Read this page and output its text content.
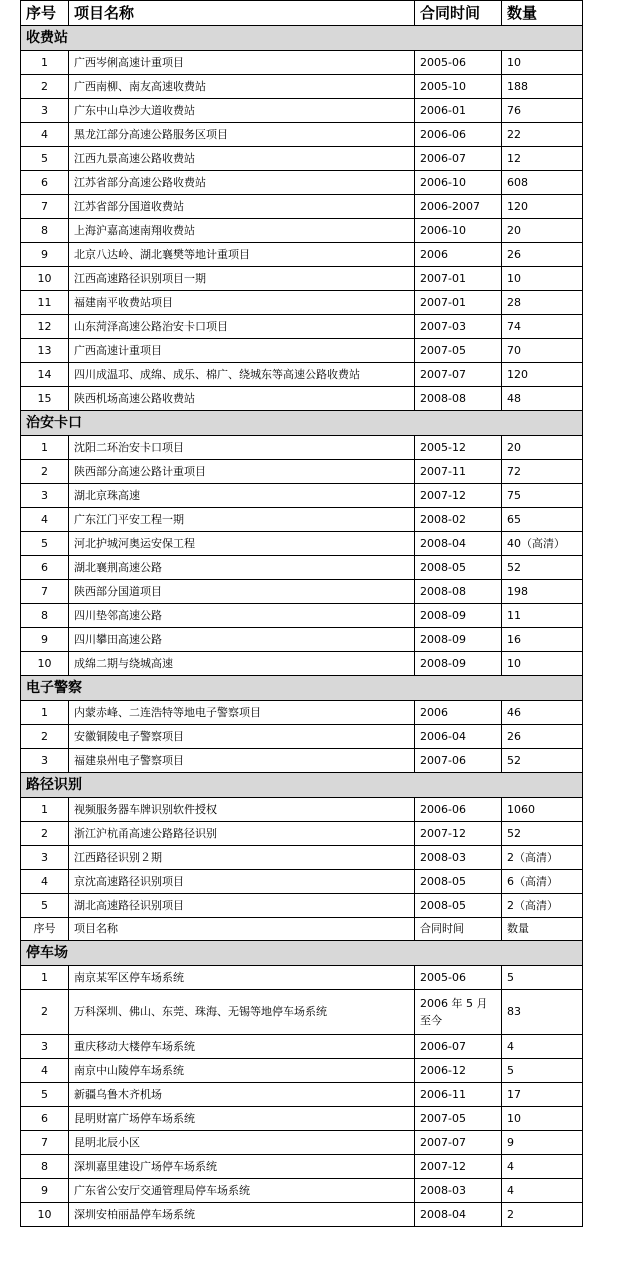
序号	项目名称	合同时间	数量
收费站			
1	广西岑俐高速计重项目	2005-06	10
2	广西南柳、南友高速收费站	2005-10	188
3	广东中山阜沙大道收费站	2006-01	76
4	黑龙江部分高速公路服务区项目	2006-06	22
5	江西九景高速公路收费站	2006-07	12
6	江苏省部分高速公路收费站	2006-10	608
7	江苏省部分国道收费站	2006-2007	120
8	上海沪嘉高速南翔收费站	2006-10	20
9	北京八达岭、湖北襄樊等地计重项目	2006	26
10	江西高速路径识别项目一期	2007-01	10
11	福建南平收费站项目	2007-01	28
12	山东菏泽高速公路治安卡口项目	2007-03	74
13	广西高速计重项目	2007-05	70
14	四川成温邛、成绵、成乐、棉广、绕城东等高速公路收费站	2007-07	120
15	陕西机场高速公路收费站	2008-08	48
治安卡口			
1	沈阳二环治安卡口项目	2005-12	20
2	陕西部分高速公路计重项目	2007-11	72
3	湖北京珠高速	2007-12	75
4	广东江门平安工程一期	2008-02	65
5	河北护城河奥运安保工程	2008-04	40（高清）
6	湖北襄荆高速公路	2008-05	52
7	陕西部分国道项目	2008-08	198
8	四川垫邻高速公路	2008-09	11
9	四川攀田高速公路	2008-09	16
10	成绵二期与绕城高速	2008-09	10
电子警察			
1	内蒙赤峰、二连浩特等地电子警察项目	2006	46
2	安徽铜陵电子警察项目	2006-04	26
3	福建泉州电子警察项目	2007-06	52
路径识别			
1	视频服务器车牌识别软件授权	2006-06	1060
2	浙江沪杭甬高速公路路径识别	2007-12	52
3	江西路径识别２期	2008-03	2（高清）
4	京沈高速路径识别项目	2008-05	6（高清）
5	湖北高速路径识别项目	2008-05	2（高清）
序号	项目名称	合同时间	数量
停车场			
1	南京某军区停车场系统	2005-06	5
2	万科深圳、佛山、东莞、珠海、无锡等地停车场系统	2006 年 5 月至今	83
3	重庆移动大楼停车场系统	2006-07	4
4	南京中山陵停车场系统	2006-12	5
5	新疆乌鲁木齐机场	2006-11	17
6	昆明财富广场停车场系统	2007-05	10
7	昆明北辰小区	2007-07	9
8	深圳嘉里建设广场停车场系统	2007-12	4
9	广东省公安厅交通管理局停车场系统	2008-03	4
10	深圳安柏丽晶停车场系统	2008-04	2
